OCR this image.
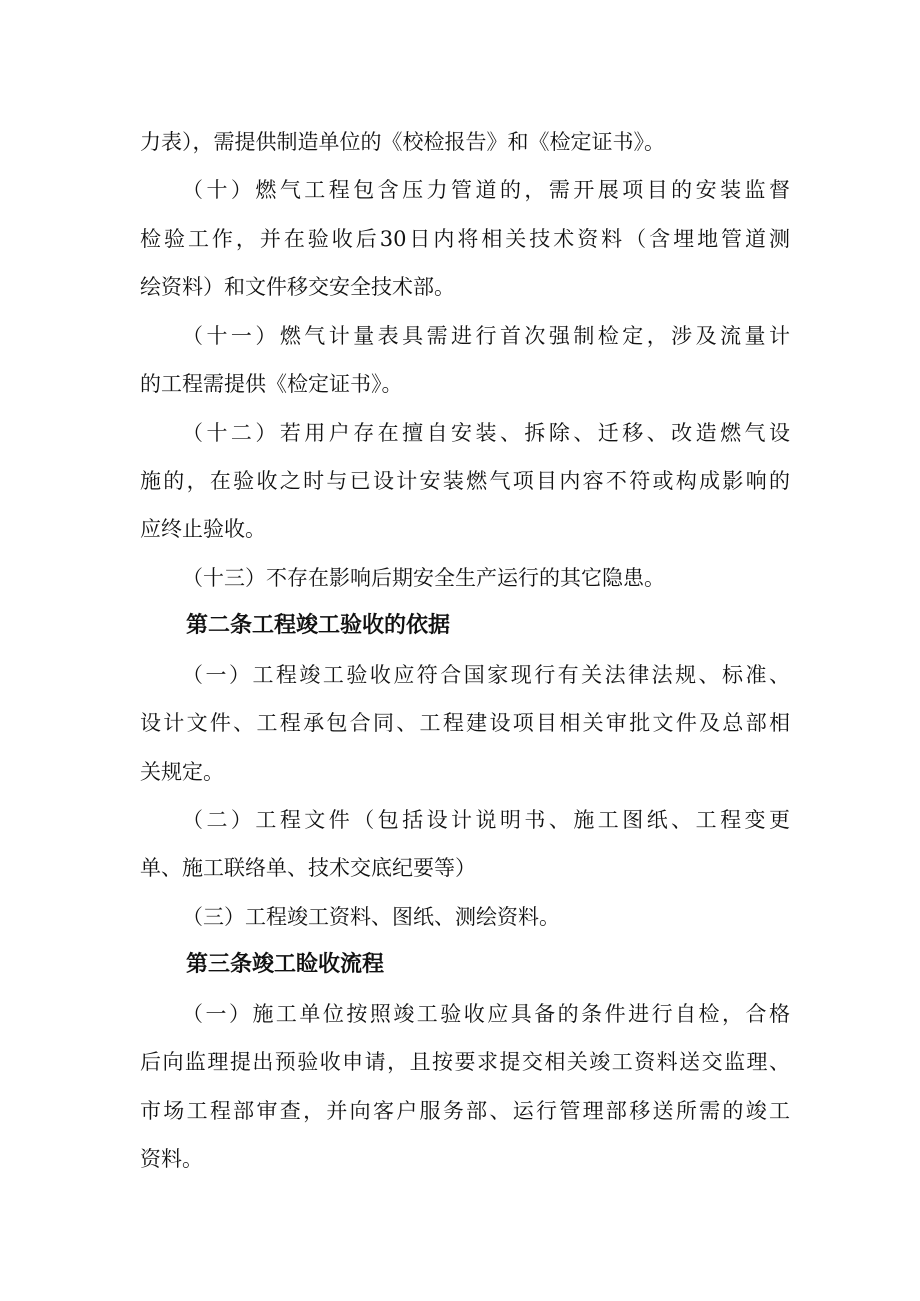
力表），需提供制造单位的《校检报告》和《检定证书》。
（十）燃气工程包含压力管道的，需开展项目的安装监督
检验工作，并在验收后30日内将相关技术资料（含埋地管道测
绘资料）和文件移交安全技术部。
（十一）燃气计量表具需进行首次强制检定，涉及流量计
的工程需提供《检定证书》。
（十二）若用户存在擅自安装、拆除、迁移、改造燃气设
施的，在验收之时与已设计安装燃气项目内容不符或构成影响的
应终止验收。
（十三）不存在影响后期安全生产运行的其它隐患。
第二条工程竣工验收的依据
（一）工程竣工验收应符合国家现行有关法律法规、标准、
设计文件、工程承包合同、工程建设项目相关审批文件及总部相
关规定。
（二）工程文件（包括设计说明书、施工图纸、工程变更
单、施工联络单、技术交底纪要等）
（三）工程竣工资料、图纸、测绘资料。
第三条竣工睑收流程
（一）施工单位按照竣工验收应具备的条件进行自检，合格
后向监理提出预验收申请，且按要求提交相关竣工资料送交监理、
市场工程部审查，并向客户服务部、运行管理部移送所需的竣工
资料。
